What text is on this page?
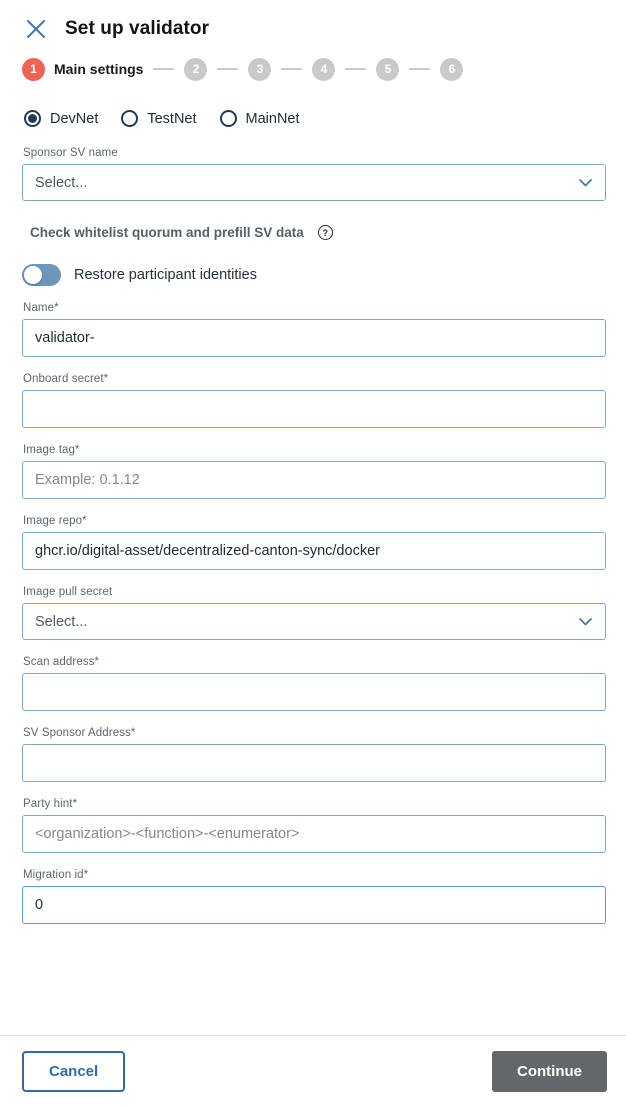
Set up validator
1	Main settings	2	3	4	5	6
DevNet	TestNet	MainNet
Sponsor SV name
Select...
Check whitelist quorum and prefill SV data	?
Restore participant identities
Name*
validator-
Onboard secret*
Image tag*
Example: 0.1.12
Image repo*
ghcr.io/digital-asset/decentralized-canton-sync/docker
Image pull secret
Select...
Scan address*
SV Sponsor Address*
Party hint*
<organization>-<function>-<enumerator>
Migration id*
0
Cancel	Continue
